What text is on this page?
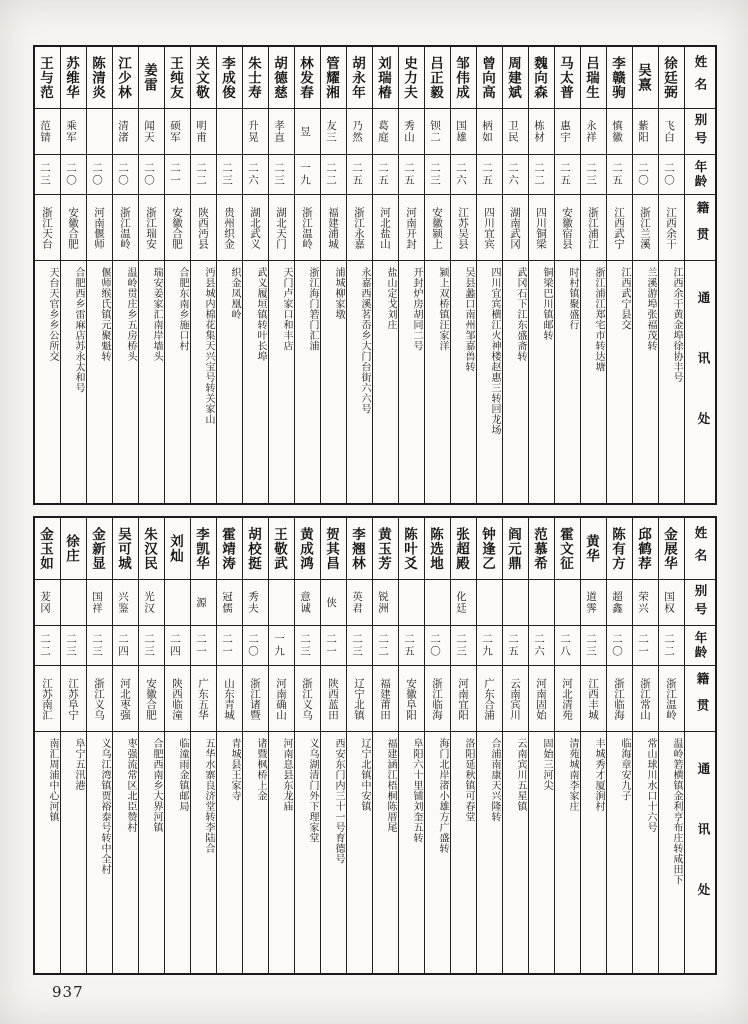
姓名
别号
年龄
籍贯
通讯处
徐廷弼
飞白
二〇
江西余干
江西余干黄金埠徐协丰号
吴熹
紫阳
二〇
浙江兰溪
兰溪游埠张福茂转
李赣驹
慎徽
二五
江西武宁
江西武宁县交
吕瑞生
永祥
二三
浙江浦江
浙江浦江郑宅市转达塘
马太普
惠宇
二五
安徽宿县
时村镇聚盛行
魏向森
栋材
二二
四川铜梁
铜梁巴川镇邮转
周建斌
卫民
二六
湖南武冈
武冈石下江东盛斋转
曾向高
柄如
二五
四川宜宾
四川宜宾横江火神楼赵惠三转回龙场
邹伟成
国雄
二六
江苏吴县
吴县蠡口南州邹嘉兽转
吕正毅
钡二
二三
安徽颍上
颍上双桥镇汪家洋
史力夫
秀山
二五
河南开封
开封炉房胡同二号
刘瑞椿
葛庭
二五
河北盐山
盐山定戈刘庄
胡永年
乃然
二五
浙江永嘉
永嘉西溪茗岙乡大门台街六六号
管耀湘
友三
二二
福建浦城
浦城柳家墩
林发春
昱
一九
浙江温岭
浙江海门箬门汇浦
胡德慈
孝直
二三
湖北天门
天门卢家口和丰店
朱士寿
升晃
二六
湖北武义
武义履垣镇转叶长埠
李成俊
二三
贵州织金
织金凤凰岭
关文敬
明甫
二二
陕西沔县
沔县城内棉花集天兴宝号转关家山
王纯友
硕军
二一
安徽合肥
合肥东南乡施口村
姜雷
闻天
二〇
浙江瑞安
瑞安姜家汇南岸墙头
江少林
清渚
二〇
浙江温岭
温岭贯庄乡五房桥头
陈清炎
二〇
河南偃师
偃师缑氏镇元聚魁转
苏维华
乘军
二〇
安徽合肥
合肥西乡雷麻店苏永太和号
王与范
范锖
二三
浙江天台
天台天官乡乡公所交
姓名
别号
年龄
籍贯
通讯处
金展华
国权
二二
浙江温岭
温岭箬横镇金利亨布庄转咸田下
邱鹤荐
荣兴
二一
浙江常山
常山球川水口十六号
陈有方
超鑫
二〇
浙江临海
临海章安九子
黄华
道霁
二三
江西丰城
丰城秀才厦涧村
霍文征
二八
河北清苑
清苑城南李家庄
范慕希
二六
河南固始
固始三河尖
阎元鼎
二五
云南宾川
云南宾川五星镇
钟逢乙
二九
广东合浦
合浦南康天兴隆转
张超殿
化廷
二三
河南宜阳
洛阳延秋镇可春堂
陈选地
二〇
浙江临海
海门北岸渚小雄方广盛转
陈叶爻
二五
安徽阜阳
阜阳六十里铺刘奎五转
黄玉芳
锐洲
二二
福建莆田
福建涵江梧桐陈厝尾
李翘林
英君
二三
辽宁北镇
辽宁北镇中安镇
贺其昌
侠
二一
陕西蓝田
西安东门内三十一号育德号
黄成鸿
意诚
二三
浙江义乌
义乌湖清门外下理家堂
王敬武
一九
河南确山
河南息县东龙庙
胡校挺
秀夫
二〇
浙江诸暨
诸暨枫桥上金
霍靖涛
冠儒
二一
山东青城
青城县王家寺
李凯华
源
二一
广东五华
五华水寨良济堂转李陆合
刘灿
二四
陕西临潼
临潼雨金镇邮局
朱汉民
光汉
二三
安徽合肥
合肥西南乡大界河镇
吴可城
兴鉴
二四
河北枣强
枣强流常区北臣赞村
金新显
国祥
二三
浙江义乌
义乌江湾镇贾裕泰号转中全村
徐庄
二三
江苏阜宁
阜宁五汛港
金玉如
茇冈
二二
江苏南汇
南汇周浦中心河镇
937
